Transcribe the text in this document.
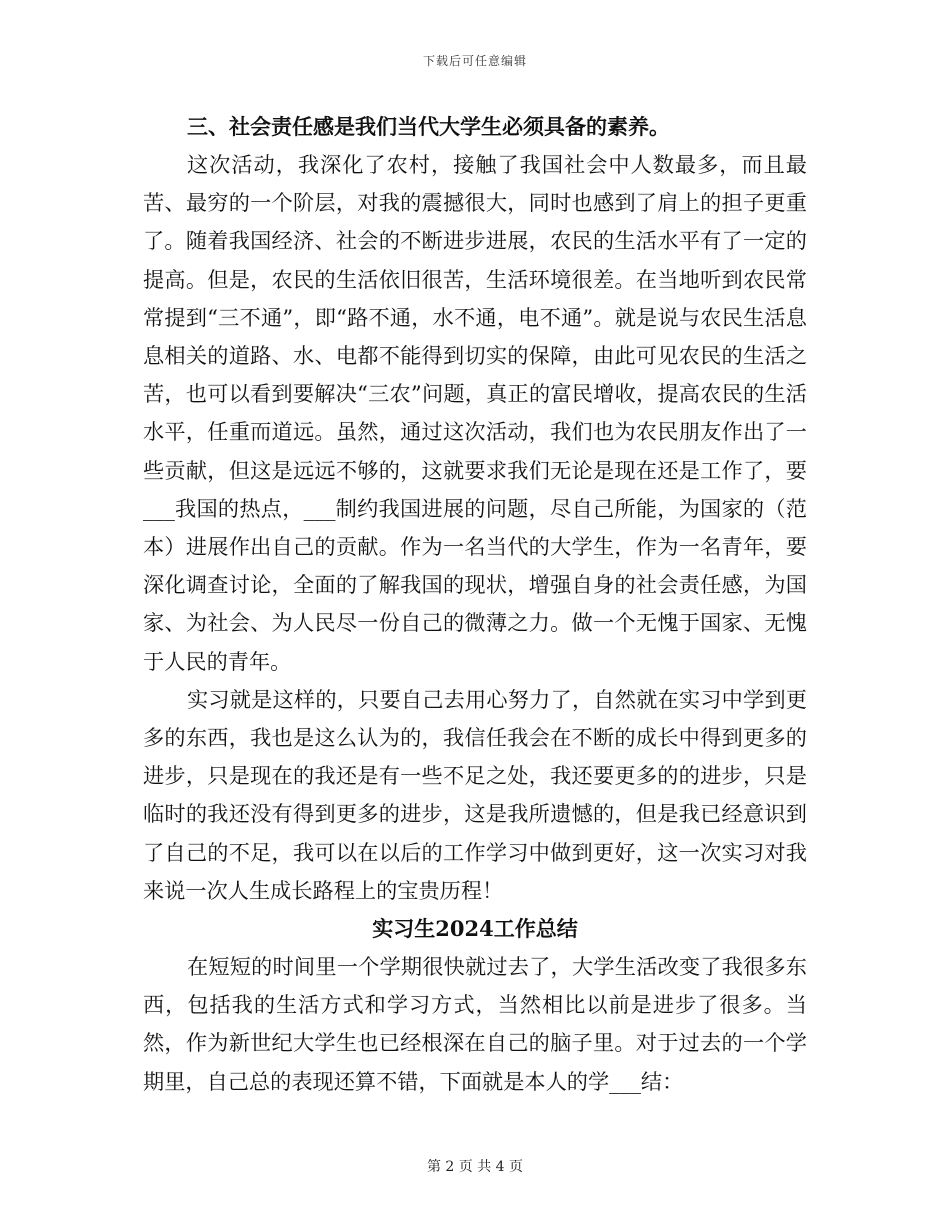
下载后可任意编辑

三、社会责任感是我们当代大学生必须具备的素养。

这次活动，我深化了农村，接触了我国社会中人数最多，而且最苦、最穷的一个阶层，对我的震撼很大，同时也感到了肩上的担子更重了。随着我国经济、社会的不断进步进展，农民的生活水平有了一定的提高。但是，农民的生活依旧很苦，生活环境很差。在当地听到农民常常提到“三不通”，即“路不通，水不通，电不通”。就是说与农民生活息息相关的道路、水、电都不能得到切实的保障，由此可见农民的生活之苦，也可以看到要解决“三农”问题，真正的富民增收，提高农民的生活水平，任重而道远。虽然，通过这次活动，我们也为农民朋友作出了一些贡献，但这是远远不够的，这就要求我们无论是现在还是工作了，要___我国的热点，___制约我国进展的问题，尽自己所能，为国家的（范本）进展作出自己的贡献。作为一名当代的大学生，作为一名青年，要深化调查讨论，全面的了解我国的现状，增强自身的社会责任感，为国家、为社会、为人民尽一份自己的微薄之力。做一个无愧于国家、无愧于人民的青年。

实习就是这样的，只要自己去用心努力了，自然就在实习中学到更多的东西，我也是这么认为的，我信任我会在不断的成长中得到更多的进步，只是现在的我还是有一些不足之处，我还要更多的的进步，只是临时的我还没有得到更多的进步，这是我所遗憾的，但是我已经意识到了自己的不足，我可以在以后的工作学习中做到更好，这一次实习对我来说一次人生成长路程上的宝贵历程！

实习生2024工作总结

在短短的时间里一个学期很快就过去了，大学生活改变了我很多东西，包括我的生活方式和学习方式，当然相比以前是进步了很多。当然，作为新世纪大学生也已经根深在自己的脑子里。对于过去的一个学期里，自己总的表现还算不错，下面就是本人的学___结：

第 2 页 共 4 页
